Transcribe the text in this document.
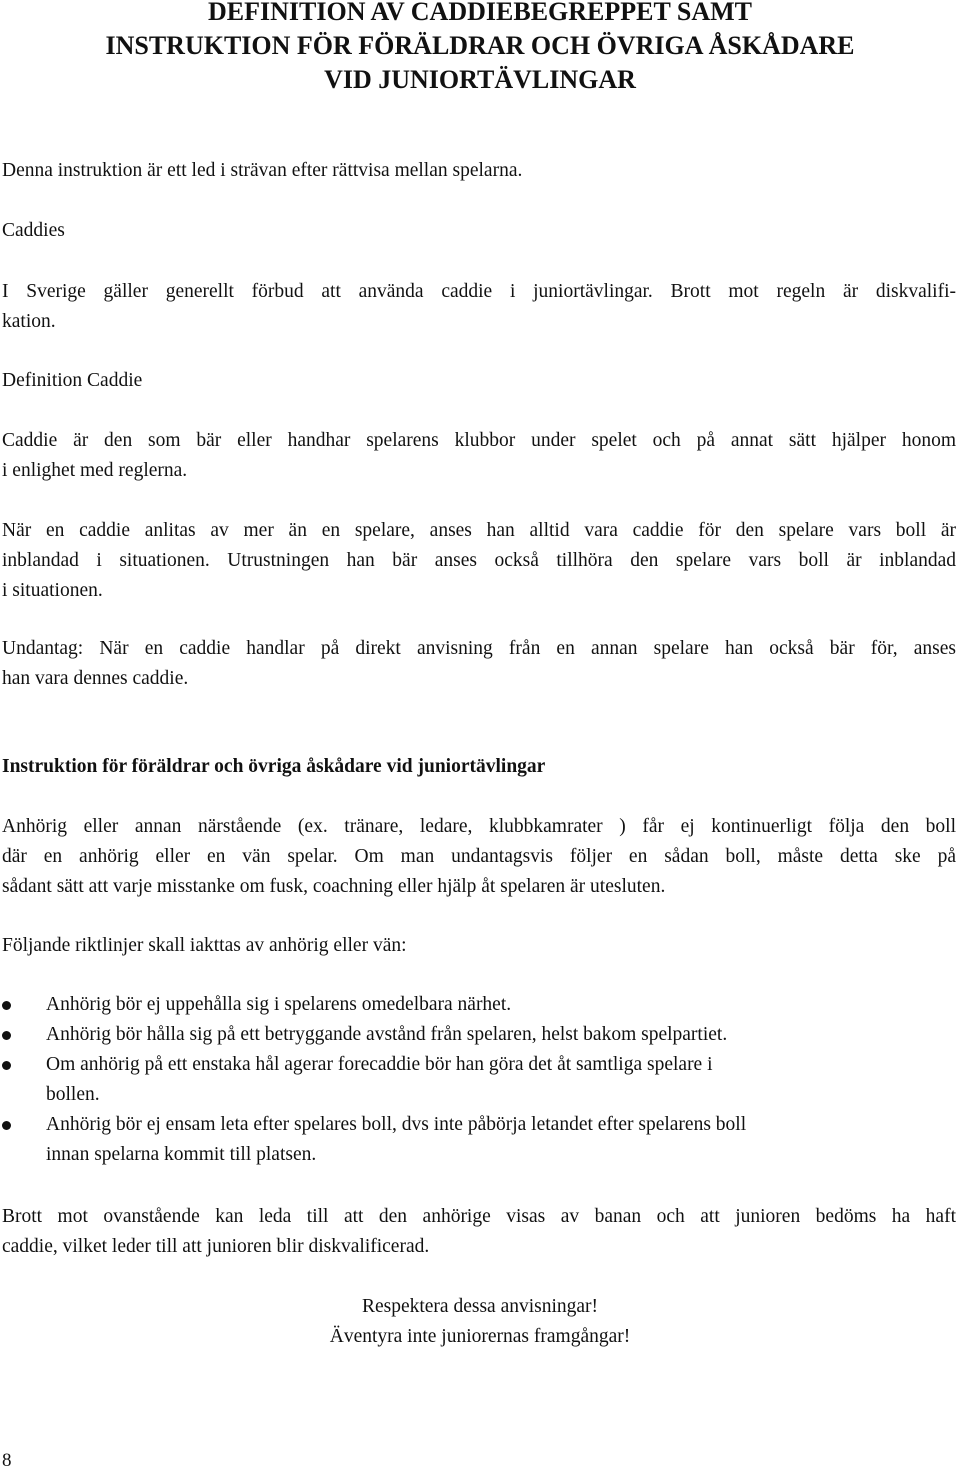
DEFINITION AV CADDIEBEGREPPET SAMT
INSTRUKTION FÖR FÖRÄLDRAR OCH ÖVRIGA ÅSKÅDARE
VID JUNIORTÄVLINGAR
Denna instruktion är ett led i strävan efter rättvisa mellan spelarna.
Caddies
I Sverige gäller generellt förbud att använda caddie i juniortävlingar. Brott mot regeln är diskvalifi-
kation.
Definition Caddie
Caddie är den som bär eller handhar spelarens klubbor under spelet och på annat sätt hjälper honom
i enlighet med reglerna.
När en caddie anlitas av mer än en spelare, anses han alltid vara caddie för den spelare vars boll är
inblandad i situationen. Utrustningen han bär anses också tillhöra den spelare vars boll är inblandad
i situationen.
Undantag: När en caddie handlar på direkt anvisning från en annan spelare han också bär för, anses
han vara dennes caddie.
Instruktion för föräldrar och övriga åskådare vid juniortävlingar
Anhörig eller annan närstående (ex. tränare, ledare, klubbkamrater ) får ej kontinuerligt följa den boll
där en anhörig eller en vän spelar. Om man undantagsvis följer en sådan boll, måste detta ske på
sådant sätt att varje misstanke om fusk, coachning eller hjälp åt spelaren är utesluten.
Följande riktlinjer skall iakttas av anhörig eller vän:
Anhörig bör ej uppehålla sig i spelarens omedelbara närhet.
Anhörig bör hålla sig på ett betryggande avstånd från spelaren, helst bakom spelpartiet.
Om anhörig på ett enstaka hål agerar forecaddie bör han göra det åt samtliga spelare i
bollen.
Anhörig bör ej ensam leta efter spelares boll, dvs inte påbörja letandet efter spelarens boll
innan spelarna kommit till platsen.
Brott mot ovanstående kan leda till att den anhörige visas av banan och att junioren bedöms ha haft
caddie, vilket leder till att junioren blir diskvalificerad.
Respektera dessa anvisningar!
Äventyra inte juniorernas framgångar!
8
